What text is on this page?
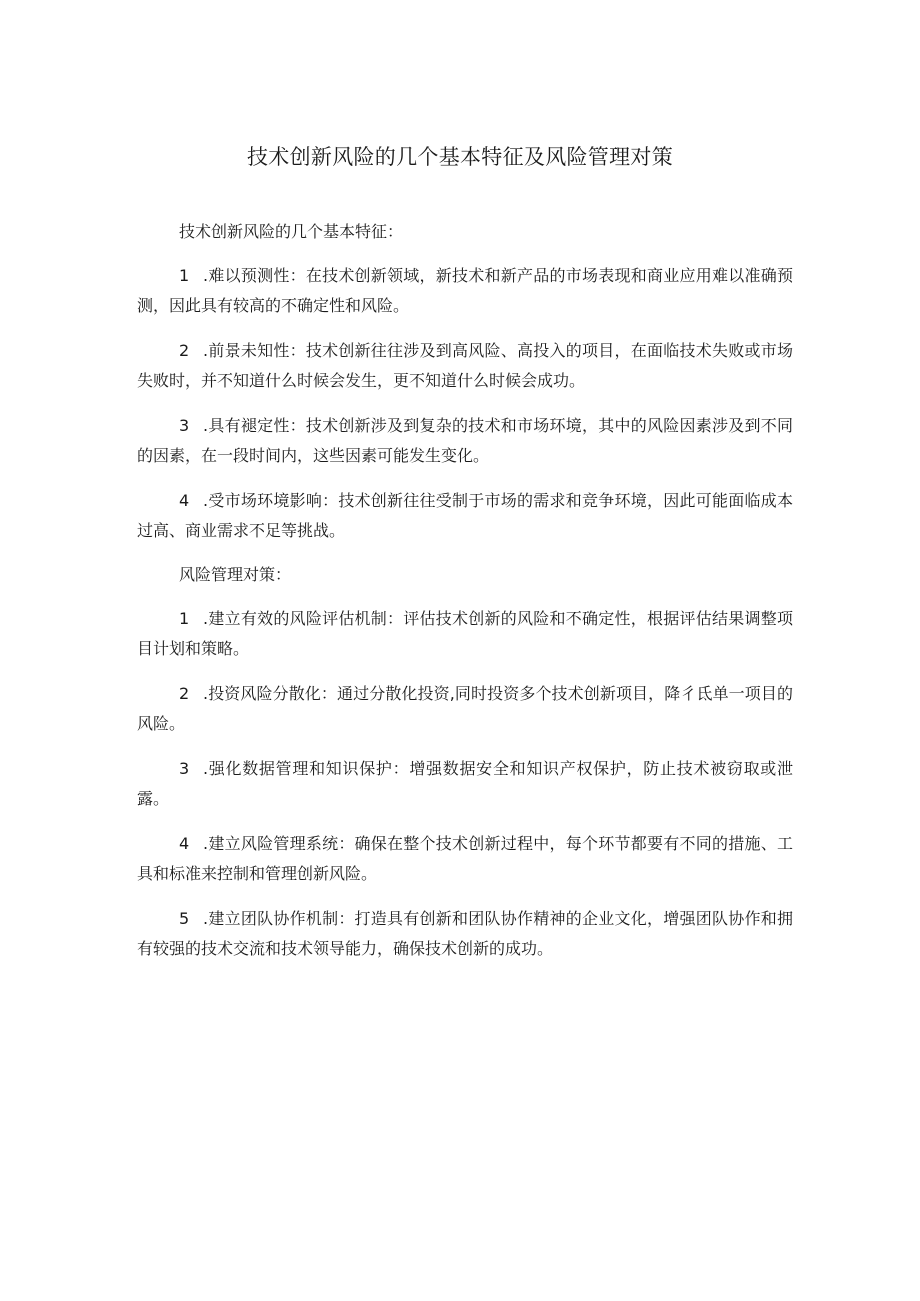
技术创新风险的几个基本特征及风险管理对策

技术创新风险的几个基本特征：

1 .难以预测性：在技术创新领域，新技术和新产品的市场表现和商业应用难以准确预测，因此具有较高的不确定性和风险。

2 .前景未知性：技术创新往往涉及到高风险、高投入的项目，在面临技术失败或市场失败时，并不知道什么时候会发生，更不知道什么时候会成功。

3 .具有褪定性：技术创新涉及到复杂的技术和市场环境，其中的风险因素涉及到不同的因素，在一段时间内，这些因素可能发生变化。

4 .受市场环境影响：技术创新往往受制于市场的需求和竞争环境，因此可能面临成本过高、商业需求不足等挑战。

风险管理对策：

1 .建立有效的风险评估机制：评估技术创新的风险和不确定性，根据评估结果调整项目计划和策略。

2 .投资风险分散化：通过分散化投资,同时投资多个技术创新项目，降彳氐单一项目的风险。

3 .强化数据管理和知识保护：增强数据安全和知识产权保护，防止技术被窃取或泄露。

4 .建立风险管理系统：确保在整个技术创新过程中，每个环节都要有不同的措施、工具和标准来控制和管理创新风险。

5 .建立团队协作机制：打造具有创新和团队协作精神的企业文化，增强团队协作和拥有较强的技术交流和技术领导能力，确保技术创新的成功。
